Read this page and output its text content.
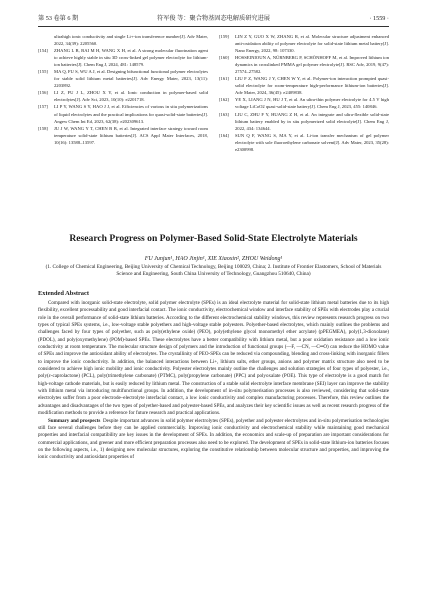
第 53 卷第 6 期	符军俊 等：聚合物基固态电解质研究进展	· 1559 ·
ultrahigh ionic conductivity and single Li+-ion transference number[J]. Adv Mater, 2022, 34(39): 2205560.
[154] ZHANG L B, BAI M H, WANG X H, et al. A strong molecular fluorination agent to achieve highly stable in situ 3D cross-linked gel polymer electrolyte for lithium-ion batteries[J]. Chem Eng J, 2024, 481: 148579.
[155] MA Q, FU S, WU A J, et al. Designing bifunctional functional polymer electrolytes for stable solid lithium metal batteries[J]. Adv Energy Mater, 2023, 13(11): 2203892.
[156] LI Z, FU J L, ZHOU X Y, et al. Ionic conduction in polymer-based solid electrolytes[J]. Adv Sci, 2023, 10(10): e2201718.
[157] LI P Y, WANG S Y, HAO J J, et al. Efficiencies of various in situ polymerizations of liquid electrolytes and the practical implications for quasi-solid-state batteries[J]. Angew Chem Int Ed, 2023, 62(38): e202309613.
[158] JU J W, WANG Y T, CHEN B B, et al. Integrated interface strategy toward room temperature solid-state lithium batteries[J]. ACS Appl Mater Interfaces, 2018, 10(16): 13588–13597.
[159] LIN Z Y, GUO X W, ZHANG R, et al. Molecular structure adjustment enhanced anti-oxidation ability of polymer electrolyte for solid-state lithium metal battery[J]. Nano Energy, 2022, 98: 107330.
[160] HOSSEINIOUN A, NÜRNBERG P, SCHÖNHOFF M, et al. Improved lithium ion dynamics in crosslinked PMMA gel polymer electrolyte[J]. RSC Adv, 2019, 9(47): 27574–27582.
[161] LIU F Z, WANG J Y, CHEN W Y, et al. Polymer-ion interaction prompted quasi-solid electrolyte for room-temperature high-performance lithium-ion batteries[J]. Adv Mater, 2024, 36(45): e2409838.
[162] YE X, LIANG J N, HU J T, et al. An ultra-thin polymer electrolyte for 4.5 V high voltage LiCoO2 quasi-solid-state battery[J]. Chem Eng J, 2023, 455: 140846.
[163] LIU C, ZHU F Y, HUANG Z H, et al. An integrate and ultra-flexible solid-state lithium battery enabled by in situ polymerized solid electrolyte[J]. Chem Eng J, 2022, 434: 134644.
[164] SUN Q F, WANG S, MA Y, et al. Li-ion transfer mechanism of gel polymer electrolyte with sole fluoroethylene carbonate solvent[J]. Adv Mater, 2023, 35(28): e2300998.
Research Progress on Polymer-Based Solid-State Electrolyte Materials
FU Junjun¹, HAO Jinjin¹, XIE Xiaoxin², ZHOU Weidong¹
(1. College of Chemical Engineering, Beijing University of Chemical Technology, Beijing 100029, China; 2. Institute of Frontier Elastomers, School of Materials Science and Engineering, South China University of Technology, Guangzhou 510640, China)
Extended Abstract

Compared with inorganic solid-state electrolyte, solid polymer electrolyte (SPEs) is an ideal electrolyte material for solid-state lithium metal batteries due to its high flexibility, excellent processability and good interfacial contact. The ionic conductivity, electrochemical window and interface stability of SPEs with electrodes play a crucial role in the overall performance of solid-state lithium batteries. According to the different electrochemical stability windows, this review represents research progress on two types of typical SPEs systems, i.e., low-voltage stable polyethers and high-voltage stable polyesters. Polyether-based electrolytes, which mainly outlines the problems and challenges faced by four types of polyether, such as poly(ethylene oxide) (PEO), poly(ethylene glycol monomethyl ether acrylate) (pPEGMEA), poly(1,3-dioxolane) (PDOL), and poly(oxymethylene) (POM)-based SPEs. These electrolytes have a better compatibility with lithium metal, but a poor oxidation resistance and a low ionic conductivity at room temperature. The molecular structure design of polymers and the introduction of functional groups (—F, —CN, —C═O) can reduce the HOMO value of SPEs and improve the antioxidant ability of electrolytes. The crystallinity of PEO-SPEs can be reduced via compounding, blending and cross-linking with inorganic fillers to improve the ionic conductivity. In addition, the balanced interactions between Li+, lithium salts, ether groups, anions and polymer matrix structure also need to be considered to achieve high ionic mobility and ionic conductivity. Polyester electrolytes mainly outline the challenges and solution strategies of four types of polyester, i.e., poly(ε-caprolactone) (PCL), poly(trimethylene carbonate) (PTMC), poly(propylene carbonate) (PPC) and polyoxalate (POE). This type of electrolyte is a good match for high-voltage cathode materials, but is easily reduced by lithium metal. The construction of a stable solid electrolyte interface membrane (SEI) layer can improve the stability with lithium metal via introducing multifunctional groups. In addition, the development of in-situ polymerisation processes is also reviewed, considering that solid-state electrolytes suffer from a poor electrode–electrolyte interfacial contact, a low ionic conductivity and complex manufacturing processes. Therefore, this review outlines the advantages and disadvantages of the two types of polyether-based and polyester-based SPEs, and analyzes their key scientific issues as well as recent research progress of the modification methods to provide a reference for future research and practical applications.

Summary and prospects Despite important advances in solid polymer electrolytes (SPEs), polyether and polyester electrolytes and in-situ polymerisation technologies still face several challenges before they can be applied commercially. Improving ionic conductivity and electrochemical stability while maintaining good mechanical properties and interfacial compatibility are key issues in the development of SPEs. In addition, the economics and scale-up of preparation are important considerations for commercial applications, and greener and more efficient preparation processes also need to be explored. The development of SPEs in solid-state lithium-ion batteries focuses on the following aspects, i.e., 1) designing new molecular structures, exploring the constitutive relationship between molecular structure and properties, and improving the ionic conductivity and antioxidant properties of
